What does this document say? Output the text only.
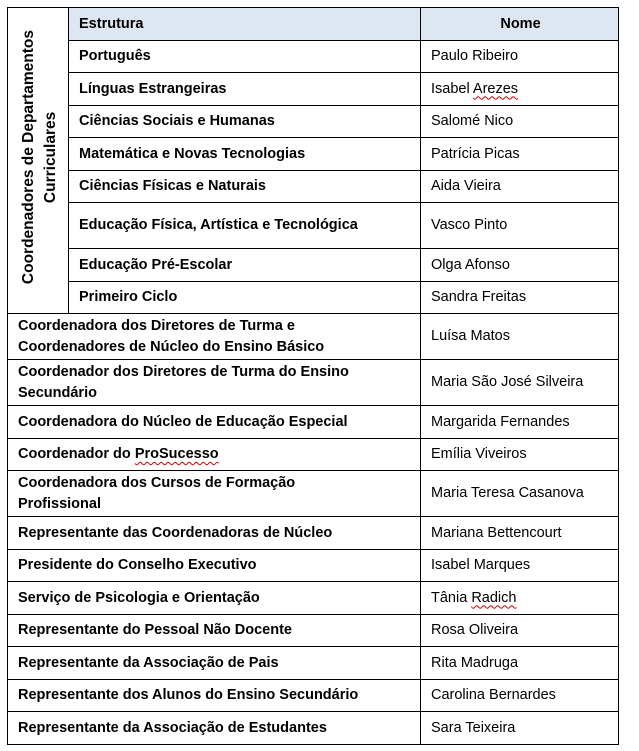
Coordenadores de Departamentos Curriculares	Estrutura	Nome
	Português	Paulo Ribeiro
	Línguas Estrangeiras	Isabel Arezes
	Ciências Sociais e Humanas	Salomé Nico
	Matemática e Novas Tecnologias	Patrícia Picas
	Ciências Físicas e Naturais	Aida Vieira
	Educação Física, Artística e Tecnológica	Vasco Pinto
	Educação Pré-Escolar	Olga Afonso
	Primeiro Ciclo	Sandra Freitas
Coordenadora dos Diretores de Turma e
Coordenadores de Núcleo do Ensino Básico		Luísa Matos
Coordenador dos Diretores de Turma do Ensino
Secundário		Maria São José Silveira
Coordenadora do Núcleo de Educação Especial		Margarida Fernandes
Coordenador do ProSucesso		Emília Viveiros
Coordenadora dos Cursos de Formação
Profissional		Maria Teresa Casanova
Representante das Coordenadoras de Núcleo		Mariana Bettencourt
Presidente do Conselho Executivo		Isabel Marques
Serviço de Psicologia e Orientação		Tânia Radich
Representante do Pessoal Não Docente		Rosa Oliveira
Representante da Associação de Pais		Rita Madruga
Representante dos Alunos do Ensino Secundário		Carolina Bernardes
Representante da Associação de Estudantes		Sara Teixeira
